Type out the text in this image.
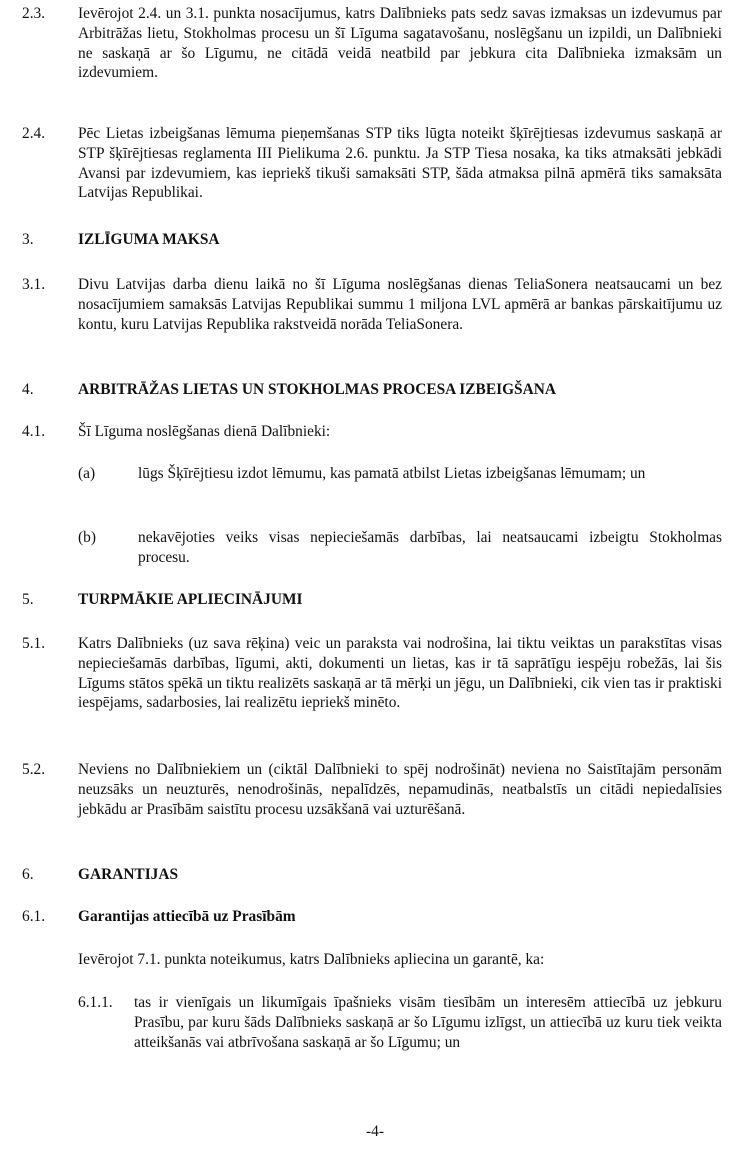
2.3. Ievērojot 2.4. un 3.1. punkta nosacījumus, katrs Dalībnieks pats sedz savas izmaksas un izdevumus par Arbitrāžas lietu, Stokholmas procesu un šī Līguma sagatavošanu, noslēgšanu un izpildi, un Dalībnieki ne saskaņā ar šo Līgumu, ne citādā veidā neatbild par jebkura cita Dalībnieka izmaksām un izdevumiem.
2.4. Pēc Lietas izbeigšanas lēmuma pieņemšanas STP tiks lūgta noteikt šķīrējtiesas izdevumus saskaņā ar STP šķīrējtiesas reglamenta III Pielikuma 2.6. punktu. Ja STP Tiesa nosaka, ka tiks atmaksāti jebkādi Avansi par izdevumiem, kas iepriekš tikuši samaksāti STP, šāda atmaksa pilnā apmērā tiks samaksāta Latvijas Republikai.
3.	IZLĪGUMA MAKSA
3.1. Divu Latvijas darba dienu laikā no šī Līguma noslēgšanas dienas TeliaSonera neatsaucami un bez nosacījumiem samaksās Latvijas Republikai summu 1 miljona LVL apmērā ar bankas pārskaitījumu uz kontu, kuru Latvijas Republika rakstveidā norāda TeliaSonera.
4.	ARBITRĀŽAS LIETAS UN STOKHOLMAS PROCESA IZBEIGŠANA
4.1. Šī Līguma noslēgšanas dienā Dalībnieki:
(a)	lūgs Šķīrējtiesu izdot lēmumu, kas pamatā atbilst Lietas izbeigšanas lēmumam; un
(b)	nekavējoties veiks visas nepieciešamās darbības, lai neatsaucami izbeigtu Stokholmas procesu.
5.	TURPMĀKIE APLIECINĀJUMI
5.1. Katrs Dalībnieks (uz sava rēķina) veic un paraksta vai nodrošina, lai tiktu veiktas un parakstītas visas nepieciešamās darbības, līgumi, akti, dokumenti un lietas, kas ir tā saprātīgu iespēju robežās, lai šis Līgums stātos spēkā un tiktu realizēts saskaņā ar tā mērķi un jēgu, un Dalībnieki, cik vien tas ir praktiski iespējams, sadarbosies, lai realizētu iepriekš minēto.
5.2. Neviens no Dalībniekiem un (ciktāl Dalībnieki to spēj nodrošināt) neviena no Saistītajām personām neuzsāks un neuzturēs, nenodrošinās, nepalīdzēs, nepamudinās, neatbalstīs un citādi nepiedalīsies jebkādu ar Prasībām saistītu procesu uzsākšanā vai uzturēšanā.
6.	GARANTIJAS
6.1. Garantijas attiecībā uz Prasībām
Ievērojot 7.1. punkta noteikumus, katrs Dalībnieks apliecina un garantē, ka:
6.1.1. tas ir vienīgais un likumīgais īpašnieks visām tiesībām un interesēm attiecībā uz jebkuru Prasību, par kuru šāds Dalībnieks saskaņā ar šo Līgumu izlīgst, un attiecībā uz kuru tiek veikta atteikšanās vai atbrīvošana saskaņā ar šo Līgumu; un
-4-
